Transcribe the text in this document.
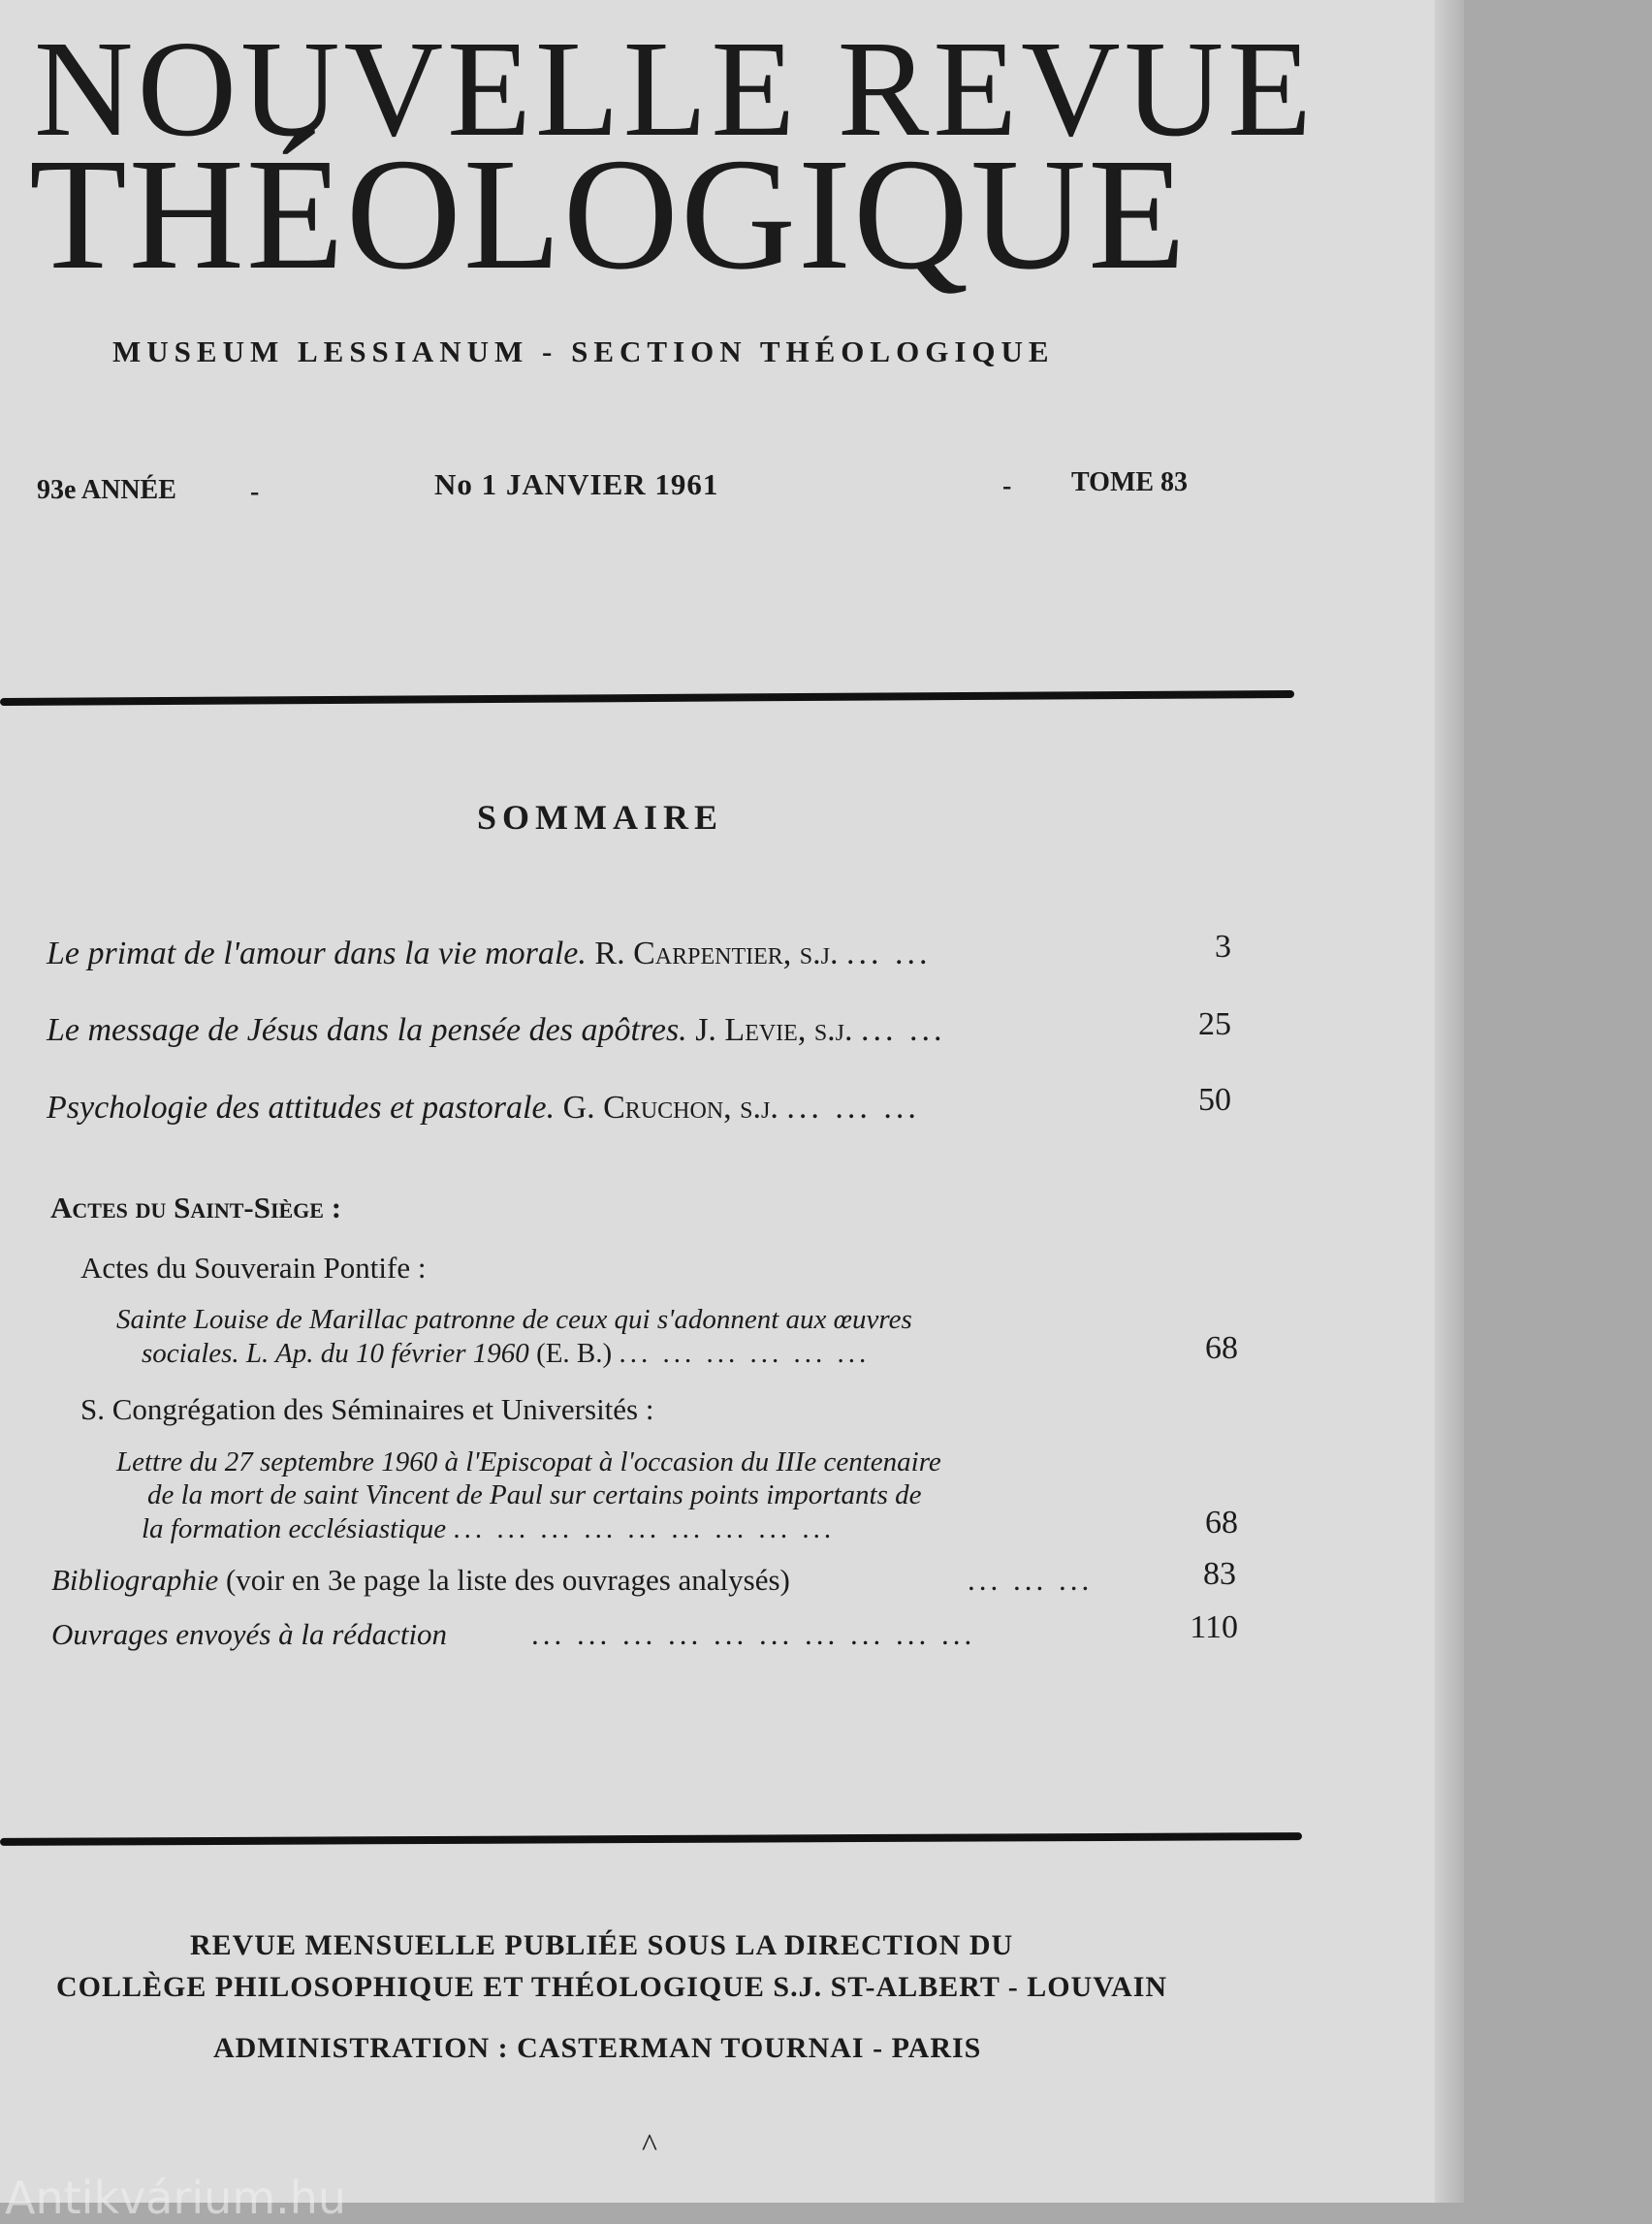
NOUVELLE REVUE
THÉOLOGIQUE
MUSEUM LESSIANUM - SECTION THÉOLOGIQUE
93e ANNÉE	-	No 1 JANVIER 1961	- TOME 83
SOMMAIRE
Le primat de l'amour dans la vie morale. R. Carpentier, s.j. ... ...	3
Le message de Jésus dans la pensée des apôtres. J. Levie, s.j. ... ...	25
Psychologie des attitudes et pastorale. G. Cruchon, s.j. ... ... ...	50
Actes du Saint-Siège :
Actes du Souverain Pontife :
Sainte Louise de Marillac patronne de ceux qui s'adonnent aux œuvres
sociales. L. Ap. du 10 février 1960 (E. B.) ... ... ... ... ... ...	68
S. Congrégation des Séminaires et Universités :
Lettre du 27 septembre 1960 à l'Episcopat à l'occasion du IIIe centenaire
de la mort de saint Vincent de Paul sur certains points importants de
la formation ecclésiastique ... ... ... ... ... ... ... ... ...	68
Bibliographie (voir en 3e page la liste des ouvrages analysés)	... ... ...	83
Ouvrages envoyés à la rédaction	... ... ... ... ... ... ... ... ... ...	110
REVUE MENSUELLE PUBLIÉE SOUS LA DIRECTION DU
COLLÈGE PHILOSOPHIQUE ET THÉOLOGIQUE S.J. ST-ALBERT - LOUVAIN
ADMINISTRATION : CASTERMAN TOURNAI - PARIS
^
Antikvárium.hu
